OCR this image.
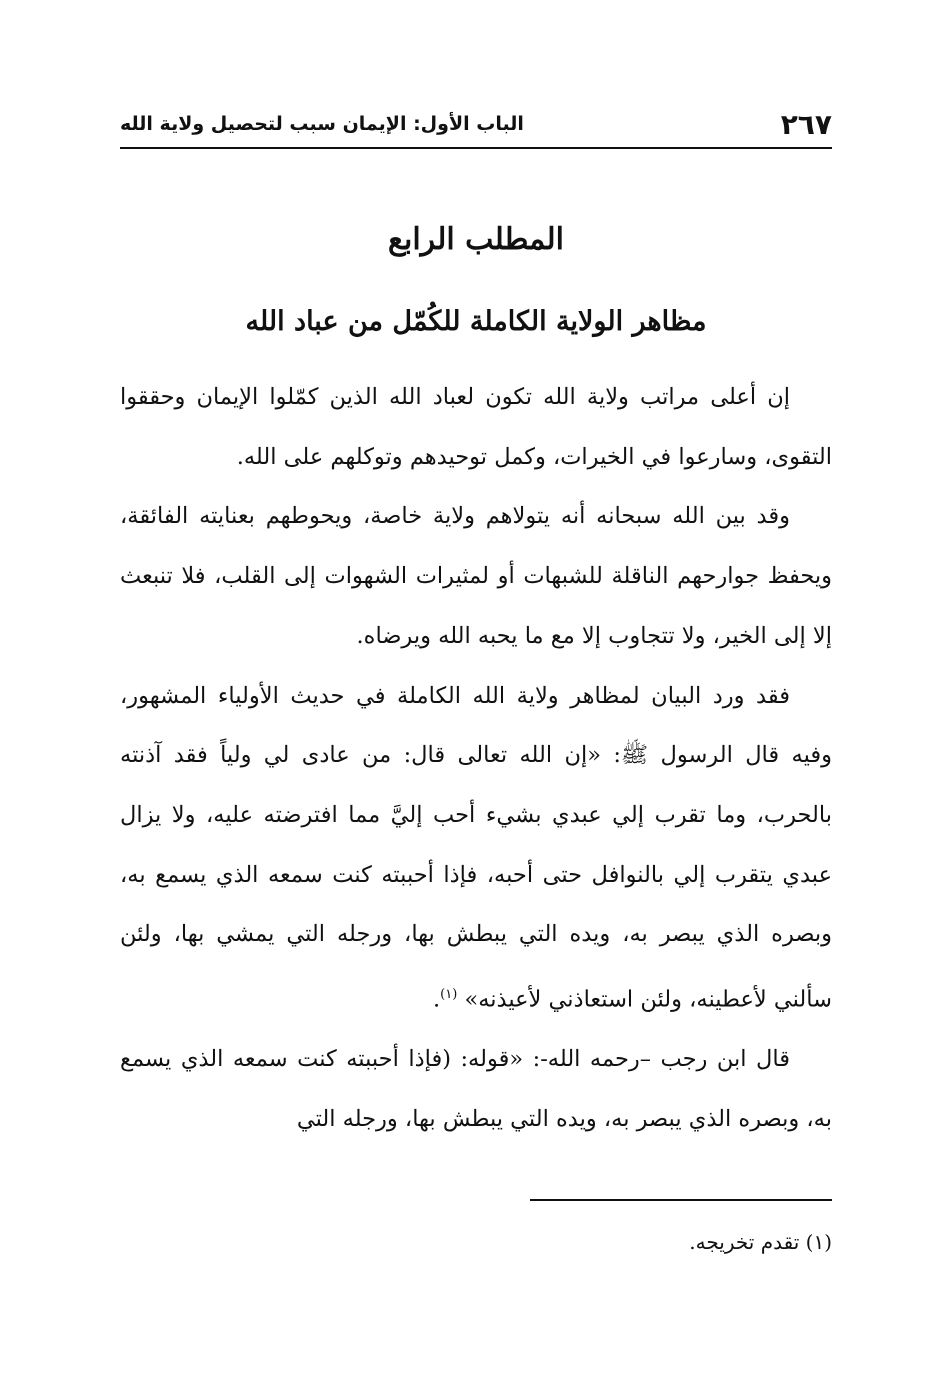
٢٦٧
الباب الأول: الإيمان سبب لتحصيل ولاية الله
المطلب الرابع
مظاهر الولاية الكاملة للكُمّل من عباد الله

إن أعلى مراتب ولاية الله تكون لعباد الله الذين كمّلوا الإيمان وحققوا التقوى، وسارعوا في الخيرات، وكمل توحيدهم وتوكلهم على الله.

وقد بين الله سبحانه أنه يتولاهم ولاية خاصة، ويحوطهم بعنايته الفائقة، ويحفظ جوارحهم الناقلة للشبهات أو لمثيرات الشهوات إلى القلب، فلا تنبعث إلا إلى الخير، ولا تتجاوب إلا مع ما يحبه الله ويرضاه.

فقد ورد البيان لمظاهر ولاية الله الكاملة في حديث الأولياء المشهور، وفيه قال الرسول ﷺ: «إن الله تعالى قال: من عادى لي ولياً فقد آذنته بالحرب، وما تقرب إلي عبدي بشيء أحب إليَّ مما افترضته عليه، ولا يزال عبدي يتقرب إلي بالنوافل حتى أحبه، فإذا أحببته كنت سمعه الذي يسمع به، وبصره الذي يبصر به، ويده التي يبطش بها، ورجله التي يمشي بها، ولئن سألني لأعطينه، ولئن استعاذني لأعيذنه» $^{(١)}$.

قال ابن رجب –رحمه الله-: «قوله: (فإذا أحببته كنت سمعه الذي يسمع به، وبصره الذي يبصر به، ويده التي يبطش بها، ورجله التي

(١) تقدم تخريجه.
